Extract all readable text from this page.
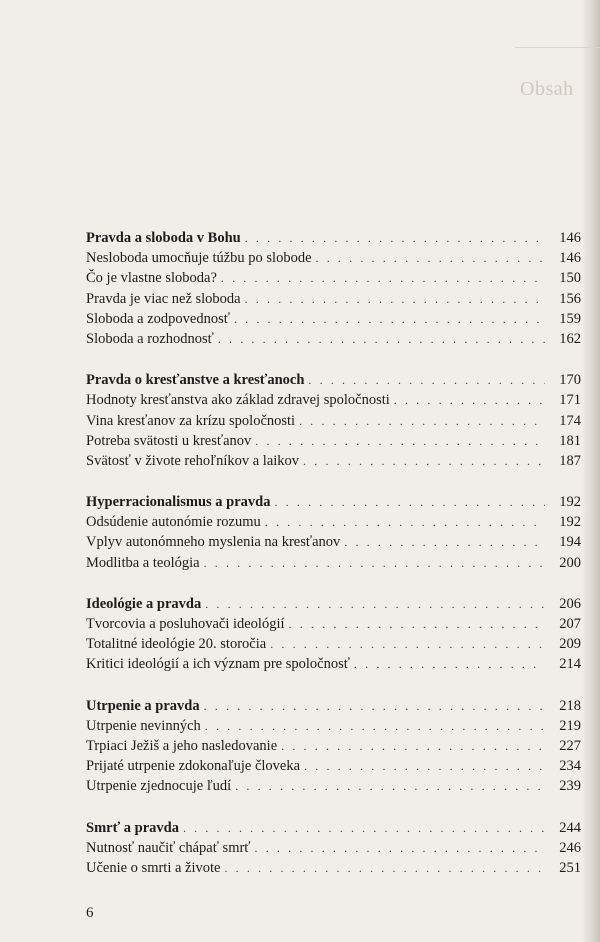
Obsah
Pravda a sloboda v Bohu . . .	146
Nesloboda umocňuje túžbu po slobode . . .	146
Čo je vlastne sloboda? . . .	150
Pravda je viac než sloboda . . .	156
Sloboda a zodpovednosť . . .	159
Sloboda a rozhodnosť . . .	162
Pravda o kresťanstve a kresťanoch . . .	170
Hodnoty kresťanstva ako základ zdravej spoločnosti . . .	171
Vina kresťanov za krízu spoločnosti . . .	174
Potreba svätosti u kresťanov . . .	181
Svätosť v živote rehoľníkov a laikov . . .	187
Hyperracionalismus a pravda . . .	192
Odsúdenie autonómie rozumu . . .	192
Vplyv autonómneho myslenia na kresťanov . . .	194
Modlitba a teológia . . .	200
Ideológie a pravda . . .	206
Tvorcovia a posluhovači ideológií . . .	207
Totalitné ideológie 20. storočia . . .	209
Kritici ideológií a ich význam pre spoločnosť . . .	214
Utrpenie a pravda . . .	218
Utrpenie nevinných . . .	219
Trpiaci Ježiš a jeho nasledovanie . . .	227
Prijaté utrpenie zdokonaľuje človeka . . .	234
Utrpenie zjednocuje ľudí . . .	239
Smrť a pravda . . .	244
Nutnosť naučiť chápať smrť . . .	246
Učenie o smrti a živote . . .	251
6
